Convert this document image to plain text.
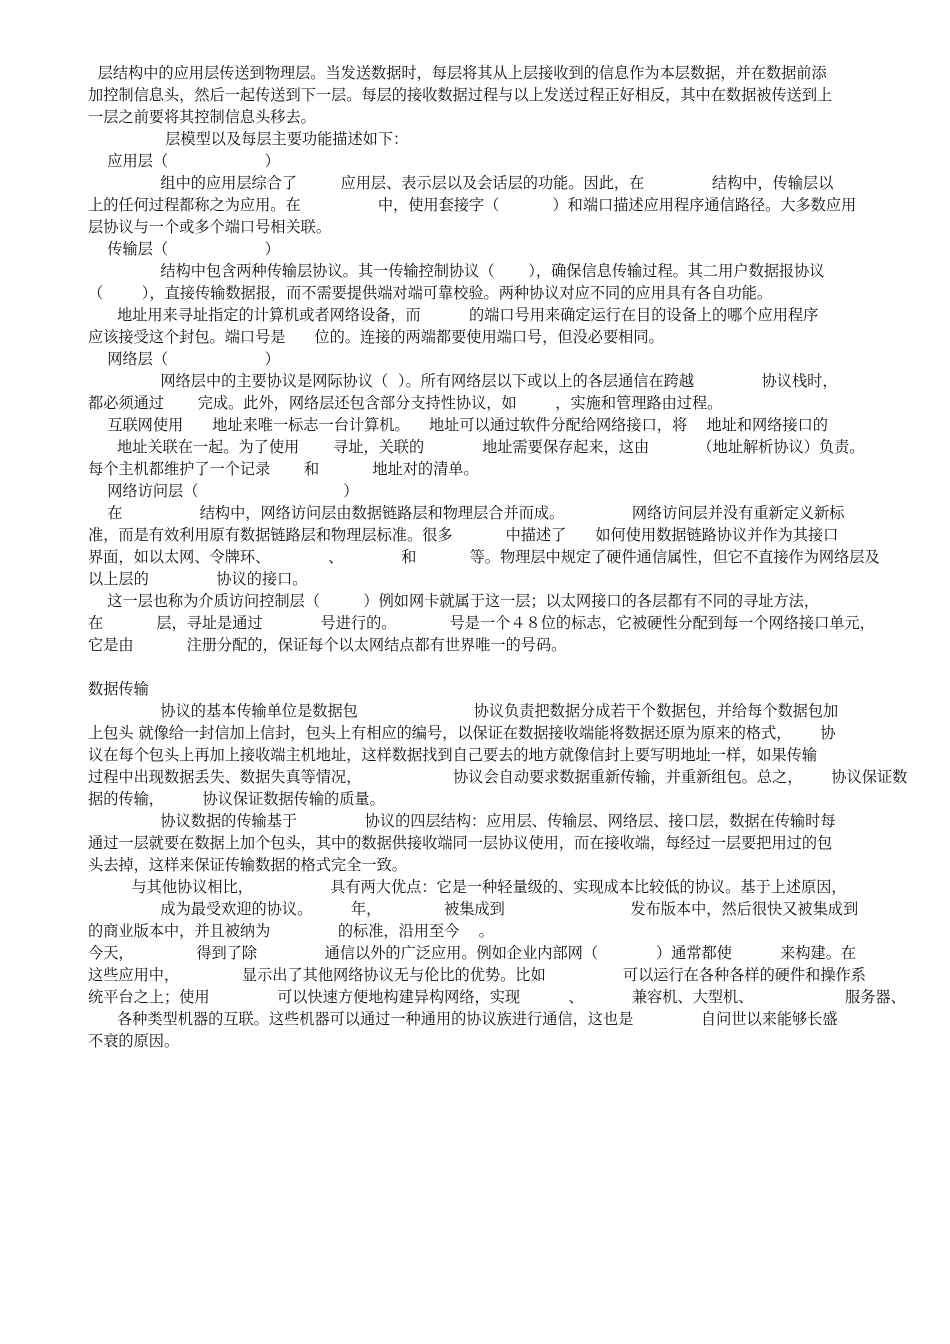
层结构中的应用层传送到物理层。当发送数据时，每层将其从上层接收到的信息作为本层数据，并在数据前添
加控制信息头，然后一起传送到下一层。每层的接收数据过程与以上发送过程正好相反，其中在数据被传送到上
一层之前要将其控制信息头移去。
层模型以及每层主要功能描述如下：
应用层（                    ）
组中的应用层综合了         应用层、表示层以及会话层的功能。因此，在              结构中，传输层以
上的任何过程都称之为应用。在                中，使用套接字（           ）和端口描述应用程序通信路径。大多数应用
层协议与一个或多个端口号相关联。
传输层（                    ）
结构中包含两种传输层协议。其一传输控制协议（       ），确保信息传输过程。其二用户数据报协议
（        ），直接传输数据报，而不需要提供端对端可靠校验。两种协议对应不同的应用具有各自功能。
地址用来寻址指定的计算机或者网络设备，而          的端口号用来确定运行在目的设备上的哪个应用程序
应该接受这个封包。端口号是      位的。连接的两端都要使用端口号，但没必要相同。
网络层（                    ）
网络层中的主要协议是网际协议（  ）。所有网络层以下或以上的各层通信在跨越              协议栈时，
都必须通过       完成。此外，网络层还包含部分支持性协议，如        ，实施和管理路由过程。
互联网使用      地址来唯一标志一台计算机。    地址可以通过软件分配给网络接口，将    地址和网络接口的
地址关联在一起。为了使用       寻址，关联的            地址需要保存起来，这由          （地址解析协议）负责。
每个主机都维护了一个记录       和           地址对的清单。
网络访问层（                              ）
在                结构中，网络访问层由数据链路层和物理层合并而成。              网络访问层并没有重新定义新标
准，而是有效利用原有数据链路层和物理层标准。很多           中描述了      如何使用数据链路协议并作为其接口
界面，如以太网、令牌环、            、            和           等。物理层中规定了硬件通信属性，但它不直接作为网络层及
以上层的              协议的接口。
这一层也称为介质访问控制层（         ）例如网卡就属于这一层；以太网接口的各层都有不同的寻址方法，
在           层，寻址是通过            号进行的。           号是一个４８位的标志，它被硬性分配到每一个网络接口单元，
它是由           注册分配的，保证每个以太网结点都有世界唯一的号码。
数据传输
协议的基本传输单位是数据包                        协议负责把数据分成若干个数据包，并给每个数据包加
上包头 就像给一封信加上信封，包头上有相应的编号，以保证在数据接收端能将数据还原为原来的格式，      协
议在每个包头上再加上接收端主机地址，这样数据找到自己要去的地方就像信封上要写明地址一样，如果传输
过程中出现数据丢失、数据失真等情况，                   协议会自动要求数据重新传输，并重新组包。总之，      协议保证数
据的传输，        协议保证数据传输的质量。
协议数据的传输基于              协议的四层结构：应用层、传输层、网络层、接口层，数据在传输时每
通过一层就要在数据上加个包头，其中的数据供接收端同一层协议使用，而在接收端，每经过一层要把用过的包
头去掉，这样来保证传输数据的格式完全一致。
与其他协议相比，                具有两大优点：它是一种轻量级的、实现成本比较低的协议。基于上述原因，
成为最受欢迎的协议。        年，             被集成到                          发布版本中，然后很快又被集成到
的商业版本中，并且被纳为              的标准，沿用至今    。
今天，             得到了除              通信以外的广泛应用。例如企业内部网（            ）通常都使          来构建。在
这些应用中，             显示出了其他网络协议无与伦比的优势。比如                可以运行在各种各样的硬件和操作系
统平台之上；使用              可以快速方便地构建异构网络，实现          、          兼容机、大型机、                   服务器、
各种类型机器的互联。这些机器可以通过一种通用的协议族进行通信，这也是              自问世以来能够长盛
不衰的原因。
